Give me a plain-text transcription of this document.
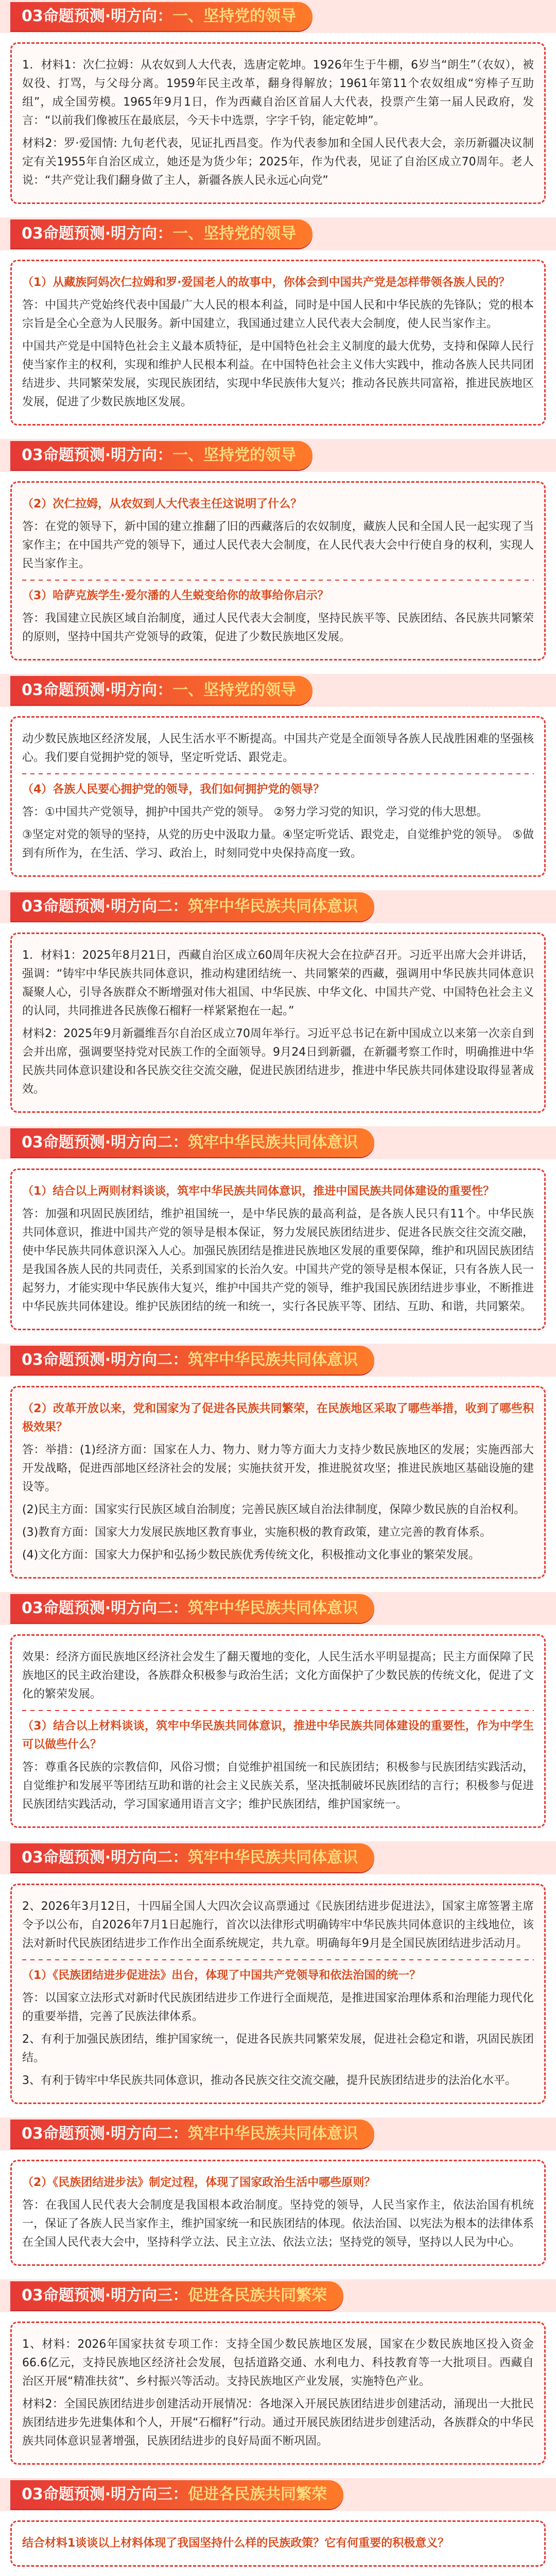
03命题预测·明方向：一、坚持党的领导

1．材料1：次仁拉姆：从农奴到人大代表，选唐定乾坤。1926年生于牛棚，6岁当“朗生”（农奴），被奴役、打骂，与父母分离。1959年民主改革，翻身得解放；1961年第11个农奴组成“穷棒子互助组”，成全国劳模。1965年9月1日，作为西藏自治区首届人大代表，投票产生第一届人民政府，发言：“以前我们像被压在最底层，今天卡中选票，字字千钧，能定乾坤”。

材料2：罗·爱国情: 九旬老代表，见证扎西昌变。作为代表参加和全国人民代表大会，亲历新疆决议制定有关1955年自治区成立，她还是为货少年；2025年，作为代表，见证了自治区成立70周年。老人说：“共产党让我们翻身做了主人，新疆各族人民永远心向党”

03命题预测·明方向：一、坚持党的领导

（1）从藏族阿妈次仁拉姆和罗·爱国老人的故事中，你体会到中国共产党是怎样带领各族人民的？

答：中国共产党始终代表中国最广大人民的根本利益，同时是中国人民和中华民族的先锋队；党的根本宗旨是全心全意为人民服务。新中国建立，我国通过建立人民代表大会制度，使人民当家作主。

中国共产党是中国特色社会主义最本质特征，是中国特色社会主义制度的最大优势，支持和保障人民行使当家作主的权利，实现和维护人民根本利益。在中国特色社会主义伟大实践中，推动各族人民共同团结进步、共同繁荣发展，实现民族团结，实现中华民族伟大复兴；推动各民族共同富裕，推进民族地区发展，促进了少数民族地区发展。

03命题预测·明方向：一、坚持党的领导

（2）次仁拉姆，从农奴到人大代表主任这说明了什么？

答：在党的领导下，新中国的建立推翻了旧的西藏落后的农奴制度，藏族人民和全国人民一起实现了当家作主；在中国共产党的领导下，通过人民代表大会制度，在人民代表大会中行使自身的权利，实现人民当家作主。

（3）哈萨克族学生·爱尔潘的人生蜕变给你的故事给你启示？

答：我国建立民族区域自治制度，通过人民代表大会制度，坚持民族平等、民族团结、各民族共同繁荣的原则，坚持中国共产党领导的政策，促进了少数民族地区发展。

03命题预测·明方向：一、坚持党的领导

动少数民族地区经济发展，人民生活水平不断提高。中国共产党是全面领导各族人民战胜困难的坚强核心。我们要自觉拥护党的领导，坚定听党话、跟党走。

（4）各族人民要心拥护党的领导，我们如何拥护党的领导？

答：①中国共产党领导，拥护中国共产党的领导。 ②努力学习党的知识，学习党的伟大思想。

③坚定对党的领导的坚持，从党的历史中汲取力量。④坚定听党话、跟党走，自觉维护党的领导。 ⑤做到有所作为，在生活、学习、政治上，时刻同党中央保持高度一致。

03命题预测·明方向二：筑牢中华民族共同体意识

1．材料1：2025年8月21日，西藏自治区成立60周年庆祝大会在拉萨召开。习近平出席大会并讲话，强调：“铸牢中华民族共同体意识，推动构建团结统一、共同繁荣的西藏，强调用中华民族共同体意识凝聚人心，引导各族群众不断增强对伟大祖国、中华民族、中华文化、中国共产党、中国特色社会主义的认同，共同推进各民族像石榴籽一样紧紧抱在一起。”

材料2：2025年9月新疆维吾尔自治区成立70周年举行。习近平总书记在新中国成立以来第一次亲自到会并出席，强调要坚持党对民族工作的全面领导。9月24日到新疆，在新疆考察工作时，明确推进中华民族共同体意识建设和各民族交往交流交融，促进民族团结进步，推进中华民族共同体建设取得显著成效。

03命题预测·明方向二：筑牢中华民族共同体意识

（1）结合以上两则材料谈谈，筑牢中华民族共同体意识，推进中国民族共同体建设的重要性？

答：加强和巩固民族团结，维护祖国统一，是中华民族的最高利益，是各族人民只有11个。中华民族共同体意识，推进中国共产党的领导是根本保证，努力发展民族团结进步、促进各民族交往交流交融，使中华民族共同体意识深入人心。加强民族团结是推进民族地区发展的重要保障，维护和巩固民族团结是我国各族人民的共同责任，关系到国家的长治久安。中国共产党的领导是根本保证，只有各族人民一起努力，才能实现中华民族伟大复兴，维护中国共产党的领导，维护我国民族团结进步事业，不断推进中华民族共同体建设。维护民族团结的统一和统一，实行各民族平等、团结、互助、和谐，共同繁荣。

03命题预测·明方向二：筑牢中华民族共同体意识

（2）改革开放以来，党和国家为了促进各民族共同繁荣，在民族地区采取了哪些举措，收到了哪些积极效果？

答：举措：(1)经济方面：国家在人力、物力、财力等方面大力支持少数民族地区的发展；实施西部大开发战略，促进西部地区经济社会的发展；实施扶贫开发，推进脱贫攻坚；推进民族地区基础设施的建设等。

(2)民主方面：国家实行民族区域自治制度；完善民族区域自治法律制度，保障少数民族的自治权利。

(3)教育方面：国家大力发展民族地区教育事业，实施积极的教育政策，建立完善的教育体系。

(4)文化方面：国家大力保护和弘扬少数民族优秀传统文化，积极推动文化事业的繁荣发展。

03命题预测·明方向二：筑牢中华民族共同体意识

效果：经济方面民族地区经济社会发生了翻天覆地的变化，人民生活水平明显提高；民主方面保障了民族地区的民主政治建设，各族群众积极参与政治生活；文化方面保护了少数民族的传统文化，促进了文化的繁荣发展。

（3）结合以上材料谈谈，筑牢中华民族共同体意识，推进中华民族共同体建设的重要性，作为中学生可以做些什么？

答：尊重各民族的宗教信仰，风俗习惯；自觉维护祖国统一和民族团结；积极参与民族团结实践活动，自觉维护和发展平等团结互助和谐的社会主义民族关系，坚决抵制破坏民族团结的言行；积极参与促进民族团结实践活动，学习国家通用语言文字；维护民族团结，维护国家统一。

03命题预测·明方向二：筑牢中华民族共同体意识

2、2026年3月12日，十四届全国人大四次会议高票通过《民族团结进步促进法》，国家主席签署主席令予以公布，自2026年7月1日起施行，首次以法律形式明确铸牢中华民族共同体意识的主线地位，该法对新时代民族团结进步工作作出全面系统规定，共九章。明确每年9月是全国民族团结进步活动月。

（1）《民族团结进步促进法》出台，体现了中国共产党领导和依法治国的统一？

答：以国家立法形式对新时代民族团结进步工作进行全面规范，是推进国家治理体系和治理能力现代化的重要举措，完善了民族法律体系。

2、有利于加强民族团结，维护国家统一，促进各民族共同繁荣发展，促进社会稳定和谐，巩固民族团结。

3、有利于铸牢中华民族共同体意识，推动各民族交往交流交融，提升民族团结进步的法治化水平。

03命题预测·明方向二：筑牢中华民族共同体意识

（2）《民族团结进步法》制定过程，体现了国家政治生活中哪些原则？

答：在我国人民代表大会制度是我国根本政治制度。坚持党的领导，人民当家作主，依法治国有机统一，保证了各族人民当家作主，维护国家统一和民族团结的体现。依法治国、以宪法为根本的法律体系在全国人民代表大会中，坚持科学立法、民主立法、依法立法；坚持党的领导，坚持以人民为中心。

03命题预测·明方向三：促进各民族共同繁荣

1、材料：2026年国家扶贫专项工作：支持全国少数民族地区发展，国家在少数民族地区投入资金 66.6亿元，支持民族地区经济社会发展，包括道路交通、水利电力、科技教育等一大批项目。西藏自治区开展“精准扶贫”、乡村振兴等活动。支持民族地区产业发展，实施特色产业。

材料2：全国民族团结进步创建活动开展情况：各地深入开展民族团结进步创建活动，涌现出一大批民族团结进步先进集体和个人，开展“石榴籽”行动。通过开展民族团结进步创建活动，各族群众的中华民族共同体意识显著增强，民族团结进步的良好局面不断巩固。

03命题预测·明方向三：促进各民族共同繁荣

结合材料1谈谈以上材料体现了我国坚持什么样的民族政策？它有何重要的积极意义？
